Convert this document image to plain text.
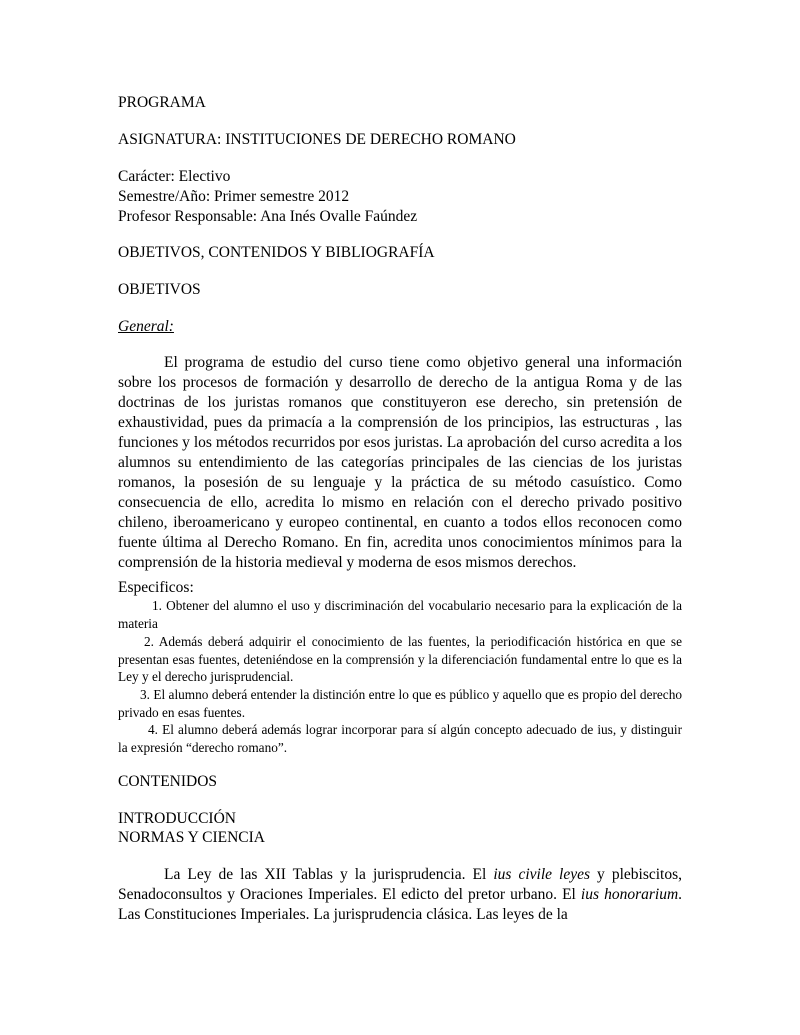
PROGRAMA
ASIGNATURA: INSTITUCIONES DE DERECHO ROMANO
Carácter: Electivo
Semestre/Año: Primer semestre 2012
Profesor Responsable: Ana Inés Ovalle Faúndez
OBJETIVOS, CONTENIDOS Y BIBLIOGRAFÍA
OBJETIVOS
General:
El programa de estudio del curso tiene como objetivo general una información sobre los procesos de formación y desarrollo de derecho de la antigua Roma y de las doctrinas de los juristas romanos que constituyeron ese derecho, sin pretensión de exhaustividad, pues da primacía a la comprensión de los principios, las estructuras , las funciones y los métodos recurridos por esos juristas. La aprobación del curso acredita a los alumnos su entendimiento de las categorías principales de las ciencias de los juristas romanos, la posesión de su lenguaje y la práctica de su método casuístico. Como consecuencia de ello, acredita lo mismo en relación con el derecho privado positivo chileno, iberoamericano y europeo continental, en cuanto a todos ellos reconocen como fuente última al Derecho Romano. En fin, acredita unos conocimientos mínimos para la comprensión de la historia medieval y moderna de esos mismos derechos.
Especificos:
1. Obtener del alumno el uso y discriminación del vocabulario necesario para la explicación de la materia
2. Además deberá adquirir el conocimiento de las fuentes, la periodificación histórica en que se presentan esas fuentes, deteniéndose en la comprensión y la diferenciación fundamental entre lo que es la Ley y el derecho jurisprudencial.
3. El alumno deberá entender la distinción entre lo que es público y aquello que es propio del derecho privado en esas fuentes.
4. El alumno deberá además lograr incorporar para sí algún concepto adecuado de ius, y distinguir la expresión “derecho romano”.
CONTENIDOS
INTRODUCCIÓN
NORMAS Y CIENCIA
La Ley de las XII Tablas y la jurisprudencia. El ius civile leyes y plebiscitos, Senadoconsultos y Oraciones Imperiales. El edicto del pretor urbano. El ius honorarium. Las Constituciones Imperiales. La jurisprudencia clásica. Las leyes de la
